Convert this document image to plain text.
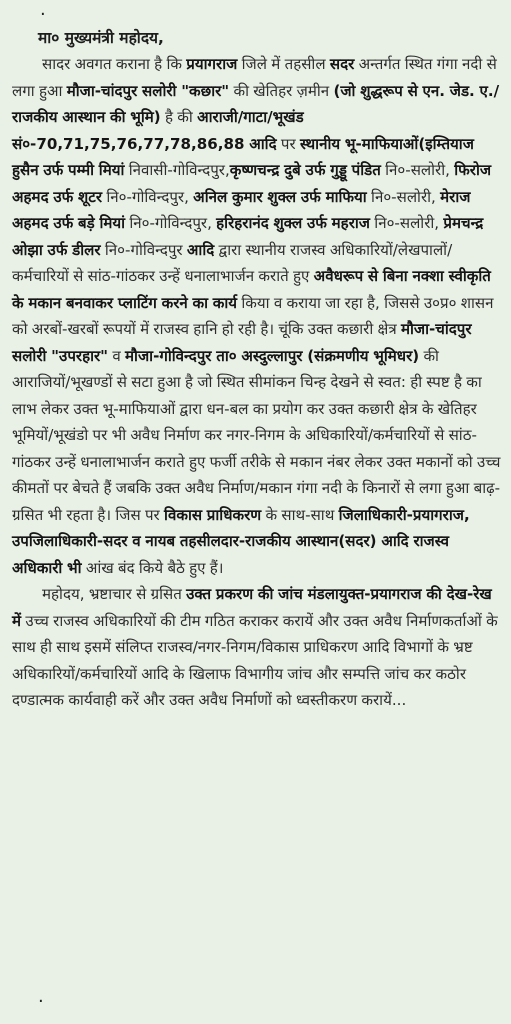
·
मा० मुख्यमंत्री महोदय,

सादर अवगत कराना है कि प्रयागराज जिले में तहसील सदर अन्तर्गत स्थित गंगा नदी से लगा हुआ मौजा-चांदपुर सलोरी "कछार" की खेतिहर ज़मीन (जो शुद्धरूप से एन. जेड. ए./राजकीय आस्थान की भूमि) है की आराजी/गाटा/भूखंड सं०-70,71,75,76,77,78,86,88 आदि पर स्थानीय भू-माफियाओं(इम्तियाज हुसैन उर्फ पम्मी मियां निवासी-गोविन्दपुर,कृष्णचन्द्र दुबे उर्फ गुड्डू पंडित नि०-सलोरी, फिरोज अहमद उर्फ शूटर नि०-गोविन्दपुर, अनिल कुमार शुक्ल उर्फ माफिया नि०-सलोरी, मेराज अहमद उर्फ बड़े मियां नि०-गोविन्दपुर, हरिहरानंद शुक्ल उर्फ महराज नि०-सलोरी, प्रेमचन्द्र ओझा उर्फ डीलर नि०-गोविन्दपुर आदि द्वारा स्थानीय राजस्व अधिकारियों/लेखपालों/कर्मचारियों से सांठ-गांठकर उन्हें धनालाभार्जन कराते हुए अवैधरूप से बिना नक्शा स्वीकृति के मकान बनवाकर प्लाटिंग करने का कार्य किया व कराया जा रहा है, जिससे उ०प्र० शासन को अरबों-खरबों रूपयों में राजस्व हानि हो रही है। चूंकि उक्त कछारी क्षेत्र मौजा-चांदपुर सलोरी "उपरहार" व मौजा-गोविन्दपुर ता० अस्दुल्लापुर (संक्रमणीय भूमिधर) की आराजियों/भूखण्डों से सटा हुआ है जो स्थित सीमांकन चिन्ह देखने से स्वत: ही स्पष्ट है का लाभ लेकर उक्त भू-माफियाओं द्वारा धन-बल का प्रयोग कर उक्त कछारी क्षेत्र के खेतिहर भूमियों/भूखंडो पर भी अवैध निर्माण कर नगर-निगम के अधिकारियों/कर्मचारियों से सांठ-गांठकर उन्हें धनालाभार्जन कराते हुए फर्जी तरीके से मकान नंबर लेकर उक्त मकानों को उच्च कीमतों पर बेचते हैं जबकि उक्त अवैध निर्माण/मकान गंगा नदी के किनारों से लगा हुआ बाढ़-ग्रसित भी रहता है। जिस पर विकास प्राधिकरण के साथ-साथ जिलाधिकारी-प्रयागराज, उपजिलाधिकारी-सदर व नायब तहसीलदार-राजकीय आस्थान(सदर) आदि राजस्व अधिकारी भी आंख बंद किये बैठे हुए हैं।

महोदय, भ्रष्टाचार से ग्रसित उक्त प्रकरण की जांच मंडलायुक्त-प्रयागराज की देख-रेख में उच्च राजस्व अधिकारियों की टीम गठित कराकर करायें और उक्त अवैध निर्माणकर्ताओं के साथ ही साथ इसमें संलिप्त राजस्व/नगर-निगम/विकास प्राधिकरण आदि विभागों के भ्रष्ट अधिकारियों/कर्मचारियों आदि के खिलाफ विभागीय जांच और सम्पत्ति जांच कर कठोर दण्डात्मक कार्यवाही करें और उक्त अवैध निर्माणों को ध्वस्तीकरण करायें...

·
